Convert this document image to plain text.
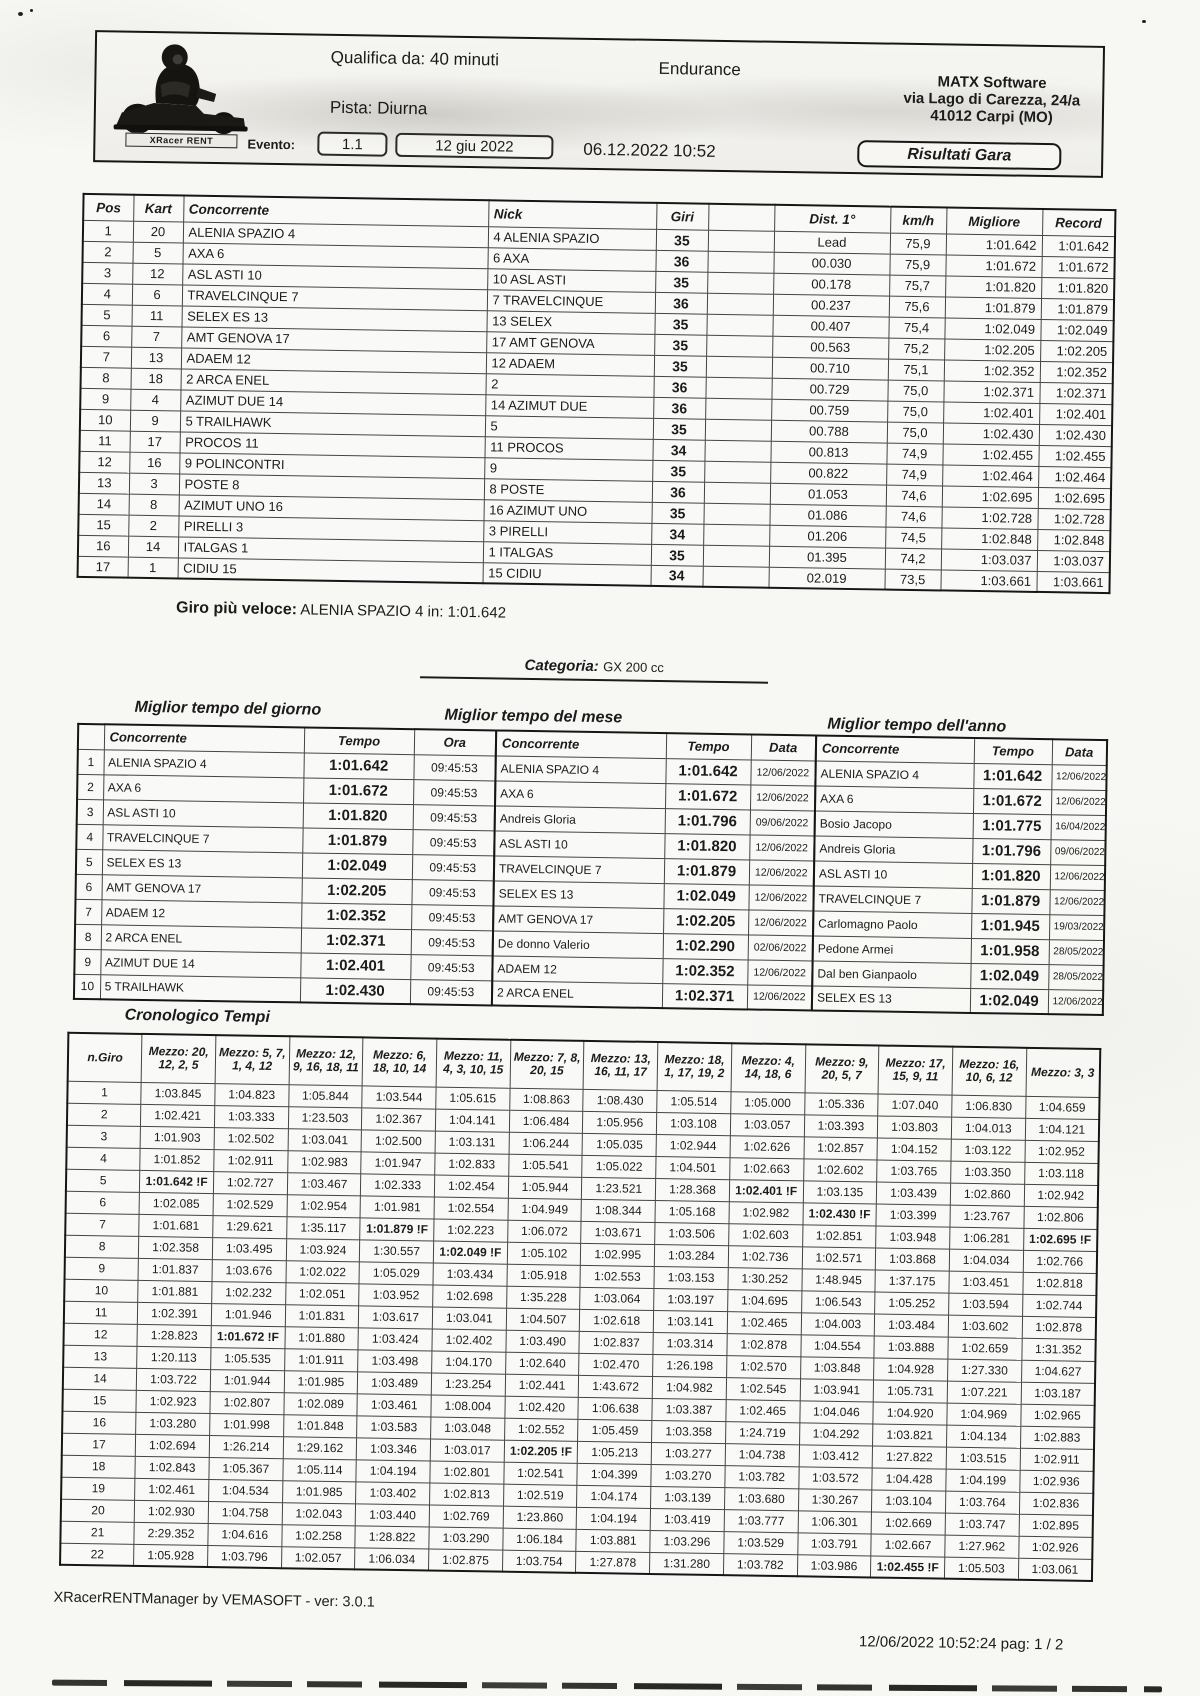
XRacer RENT
Qualifica da: 40 minuti	Endurance
MATX Software
via Lago di Carezza, 24/a
41012 Carpi (MO)
Pista: Diurna
Evento:	1.1	12 giu 2022	06.12.2022 10:52	Risultati Gara
Pos	Kart	Concorrente	Nick	Giri		Dist. 1°	km/h	Migliore	Record
1	20	ALENIA SPAZIO 4	4 ALENIA SPAZIO	35		Lead	75,9	1:01.642	1:01.642
2	5	AXA 6	6 AXA	36		00.030	75,9	1:01.672	1:01.672
3	12	ASL ASTI 10	10 ASL ASTI	35		00.178	75,7	1:01.820	1:01.820
4	6	TRAVELCINQUE 7	7 TRAVELCINQUE	36		00.237	75,6	1:01.879	1:01.879
5	11	SELEX ES 13	13 SELEX	35		00.407	75,4	1:02.049	1:02.049
6	7	AMT GENOVA 17	17 AMT GENOVA	35		00.563	75,2	1:02.205	1:02.205
7	13	ADAEM 12	12 ADAEM	35		00.710	75,1	1:02.352	1:02.352
8	18	2 ARCA ENEL	2	36		00.729	75,0	1:02.371	1:02.371
9	4	AZIMUT DUE 14	14 AZIMUT DUE	36		00.759	75,0	1:02.401	1:02.401
10	9	5 TRAILHAWK	5	35		00.788	75,0	1:02.430	1:02.430
11	17	PROCOS 11	11 PROCOS	34		00.813	74,9	1:02.455	1:02.455
12	16	9 POLINCONTRI	9	35		00.822	74,9	1:02.464	1:02.464
13	3	POSTE 8	8 POSTE	36		01.053	74,6	1:02.695	1:02.695
14	8	AZIMUT UNO 16	16 AZIMUT UNO	35		01.086	74,6	1:02.728	1:02.728
15	2	PIRELLI 3	3 PIRELLI	34		01.206	74,5	1:02.848	1:02.848
16	14	ITALGAS 1	1 ITALGAS	35		01.395	74,2	1:03.037	1:03.037
17	1	CIDIU 15	15 CIDIU	34		02.019	73,5	1:03.661	1:03.661
Giro più veloce: ALENIA SPAZIO 4 in: 1:01.642
Categoria: GX 200 cc
Miglior tempo del giorno	Miglior tempo del mese	Miglior tempo dell'anno
	Concorrente	Tempo	Ora
1	ALENIA SPAZIO 4	1:01.642	09:45:53
2	AXA 6	1:01.672	09:45:53
3	ASL ASTI 10	1:01.820	09:45:53
4	TRAVELCINQUE 7	1:01.879	09:45:53
5	SELEX ES 13	1:02.049	09:45:53
6	AMT GENOVA 17	1:02.205	09:45:53
7	ADAEM 12	1:02.352	09:45:53
8	2 ARCA ENEL	1:02.371	09:45:53
9	AZIMUT DUE 14	1:02.401	09:45:53
10	5 TRAILHAWK	1:02.430	09:45:53
Concorrente	Tempo	Data
ALENIA SPAZIO 4	1:01.642	12/06/2022
AXA 6	1:01.672	12/06/2022
Andreis Gloria	1:01.796	09/06/2022
ASL ASTI 10	1:01.820	12/06/2022
TRAVELCINQUE 7	1:01.879	12/06/2022
SELEX ES 13	1:02.049	12/06/2022
AMT GENOVA 17	1:02.205	12/06/2022
De donno Valerio	1:02.290	02/06/2022
ADAEM 12	1:02.352	12/06/2022
2 ARCA ENEL	1:02.371	12/06/2022
Concorrente	Tempo	Data
ALENIA SPAZIO 4	1:01.642	12/06/2022
AXA 6	1:01.672	12/06/2022
Bosio Jacopo	1:01.775	16/04/2022
Andreis Gloria	1:01.796	09/06/2022
ASL ASTI 10	1:01.820	12/06/2022
TRAVELCINQUE 7	1:01.879	12/06/2022
Carlomagno Paolo	1:01.945	19/03/2022
Pedone Armei	1:01.958	28/05/2022
Dal ben Gianpaolo	1:02.049	28/05/2022
SELEX ES 13	1:02.049	12/06/2022
Cronologico Tempi
n.Giro	Mezzo: 20, 12, 2, 5	Mezzo: 5, 7, 1, 4, 12	Mezzo: 12, 9, 16, 18, 11	Mezzo: 6, 18, 10, 14	Mezzo: 11, 4, 3, 10, 15	Mezzo: 7, 8, 20, 15	Mezzo: 13, 16, 11, 17	Mezzo: 18, 1, 17, 19, 2	Mezzo: 4, 14, 18, 6	Mezzo: 9, 20, 5, 7	Mezzo: 17, 15, 9, 11	Mezzo: 16, 10, 6, 12	Mezzo: 3, 3
1	1:03.845	1:04.823	1:05.844	1:03.544	1:05.615	1:08.863	1:08.430	1:05.514	1:05.000	1:05.336	1:07.040	1:06.830	1:04.659
2	1:02.421	1:03.333	1:23.503	1:02.367	1:04.141	1:06.484	1:05.956	1:03.108	1:03.057	1:03.393	1:03.803	1:04.013	1:04.121
3	1:01.903	1:02.502	1:03.041	1:02.500	1:03.131	1:06.244	1:05.035	1:02.944	1:02.626	1:02.857	1:04.152	1:03.122	1:02.952
4	1:01.852	1:02.911	1:02.983	1:01.947	1:02.833	1:05.541	1:05.022	1:04.501	1:02.663	1:02.602	1:03.765	1:03.350	1:03.118
5	1:01.642 !F	1:02.727	1:03.467	1:02.333	1:02.454	1:05.944	1:23.521	1:28.368	1:02.401 !F	1:03.135	1:03.439	1:02.860	1:02.942
6	1:02.085	1:02.529	1:02.954	1:01.981	1:02.554	1:04.949	1:08.344	1:05.168	1:02.982	1:02.430 !F	1:03.399	1:23.767	1:02.806
7	1:01.681	1:29.621	1:35.117	1:01.879 !F	1:02.223	1:06.072	1:03.671	1:03.506	1:02.603	1:02.851	1:03.948	1:06.281	1:02.695 !F
8	1:02.358	1:03.495	1:03.924	1:30.557	1:02.049 !F	1:05.102	1:02.995	1:03.284	1:02.736	1:02.571	1:03.868	1:04.034	1:02.766
9	1:01.837	1:03.676	1:02.022	1:05.029	1:03.434	1:05.918	1:02.553	1:03.153	1:30.252	1:48.945	1:37.175	1:03.451	1:02.818
10	1:01.881	1:02.232	1:02.051	1:03.952	1:02.698	1:35.228	1:03.064	1:03.197	1:04.695	1:06.543	1:05.252	1:03.594	1:02.744
11	1:02.391	1:01.946	1:01.831	1:03.617	1:03.041	1:04.507	1:02.618	1:03.141	1:02.465	1:04.003	1:03.484	1:03.602	1:02.878
12	1:28.823	1:01.672 !F	1:01.880	1:03.424	1:02.402	1:03.490	1:02.837	1:03.314	1:02.878	1:04.554	1:03.888	1:02.659	1:31.352
13	1:20.113	1:05.535	1:01.911	1:03.498	1:04.170	1:02.640	1:02.470	1:26.198	1:02.570	1:03.848	1:04.928	1:27.330	1:04.627
14	1:03.722	1:01.944	1:01.985	1:03.489	1:23.254	1:02.441	1:43.672	1:04.982	1:02.545	1:03.941	1:05.731	1:07.221	1:03.187
15	1:02.923	1:02.807	1:02.089	1:03.461	1:08.004	1:02.420	1:06.638	1:03.387	1:02.465	1:04.046	1:04.920	1:04.969	1:02.965
16	1:03.280	1:01.998	1:01.848	1:03.583	1:03.048	1:02.552	1:05.459	1:03.358	1:24.719	1:04.292	1:03.821	1:04.134	1:02.883
17	1:02.694	1:26.214	1:29.162	1:03.346	1:03.017	1:02.205 !F	1:05.213	1:03.277	1:04.738	1:03.412	1:27.822	1:03.515	1:02.911
18	1:02.843	1:05.367	1:05.114	1:04.194	1:02.801	1:02.541	1:04.399	1:03.270	1:03.782	1:03.572	1:04.428	1:04.199	1:02.936
19	1:02.461	1:04.534	1:01.985	1:03.402	1:02.813	1:02.519	1:04.174	1:03.139	1:03.680	1:30.267	1:03.104	1:03.764	1:02.836
20	1:02.930	1:04.758	1:02.043	1:03.440	1:02.769	1:23.860	1:04.194	1:03.419	1:03.777	1:06.301	1:02.669	1:03.747	1:02.895
21	2:29.352	1:04.616	1:02.258	1:28.822	1:03.290	1:06.184	1:03.881	1:03.296	1:03.529	1:03.791	1:02.667	1:27.962	1:02.926
22	1:05.928	1:03.796	1:02.057	1:06.034	1:02.875	1:03.754	1:27.878	1:31.280	1:03.782	1:03.986	1:02.455 !F	1:05.503	1:03.061
XRacerRENTManager by VEMASOFT - ver: 3.0.1
12/06/2022 10:52:24 pag: 1 / 2
